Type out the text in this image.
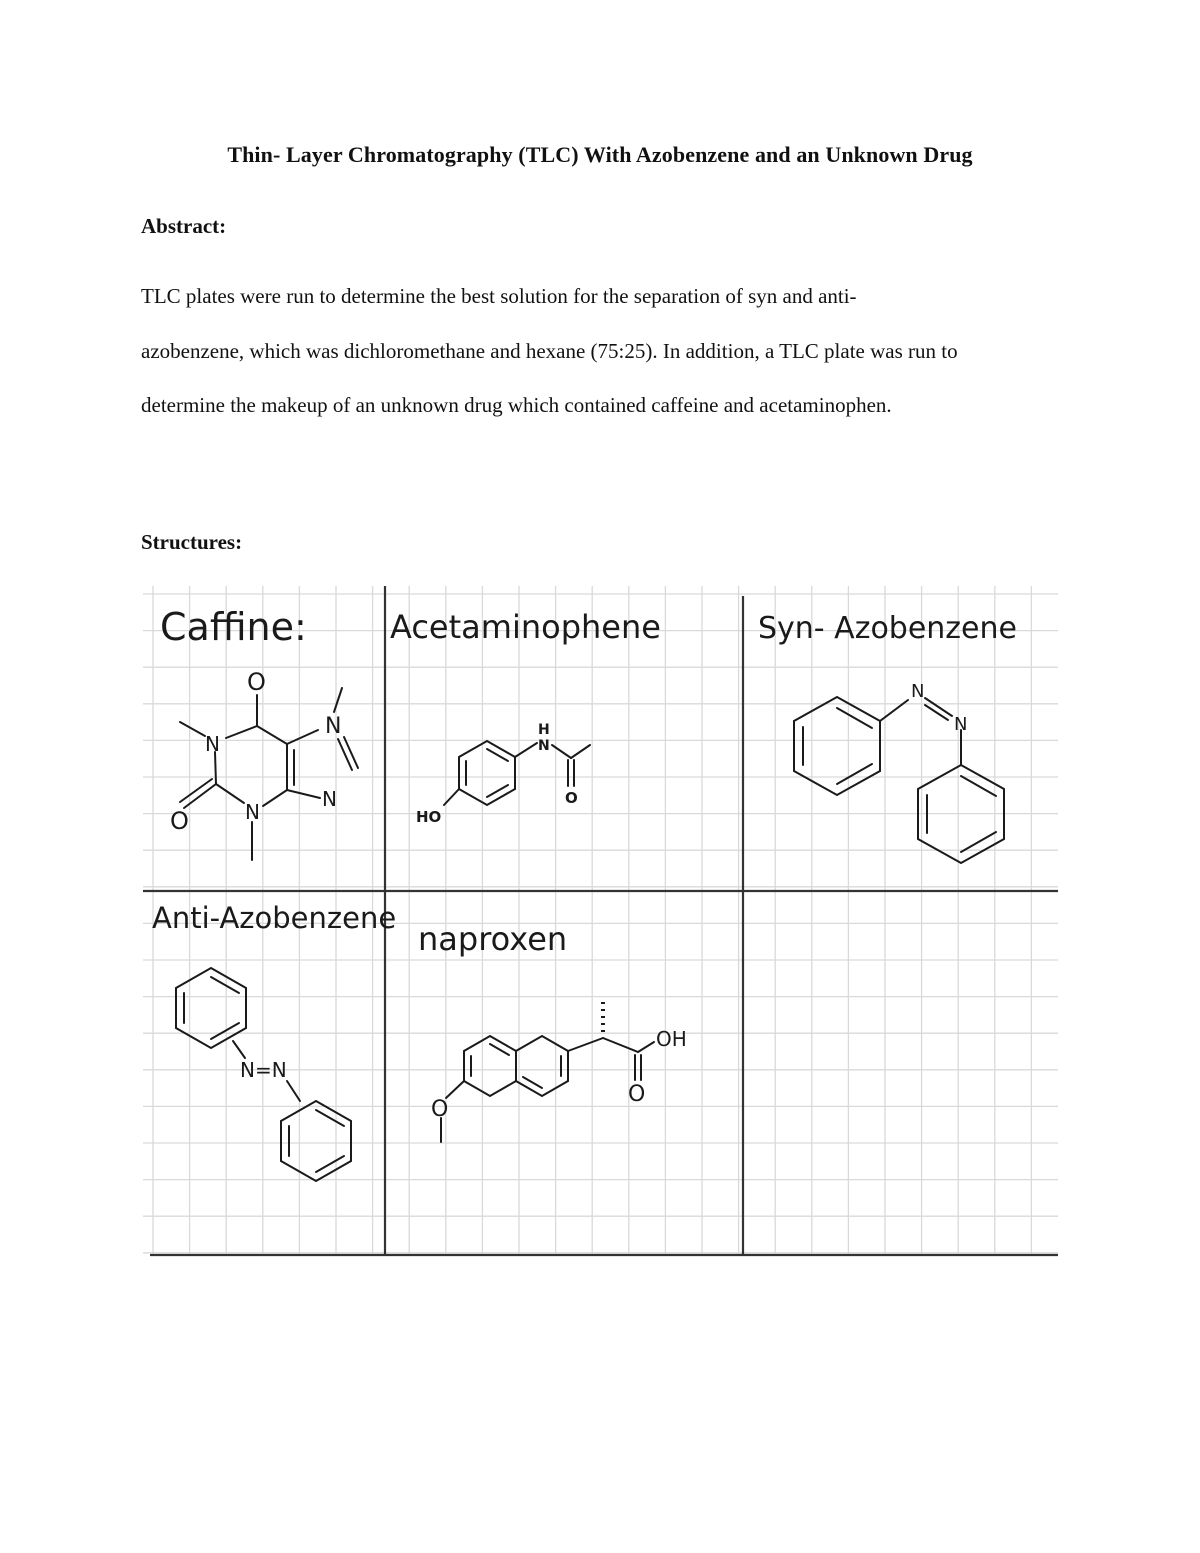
Thin- Layer Chromatography (TLC) With Azobenzene and an Unknown Drug
Abstract:
TLC plates were run to determine the best solution for the separation of syn and anti-
azobenzene, which was dichloromethane and hexane (75:25). In addition, a TLC plate was run to
determine the makeup of an unknown drug which contained caffeine and acetaminophen.
Structures:
Caffine:
O
N
N
N
N
O
Acetaminophene
H
N
O
HO
Syn- Azobenzene
N
N
Anti-Azobenzene
N=N
naproxen
OH
O
O
